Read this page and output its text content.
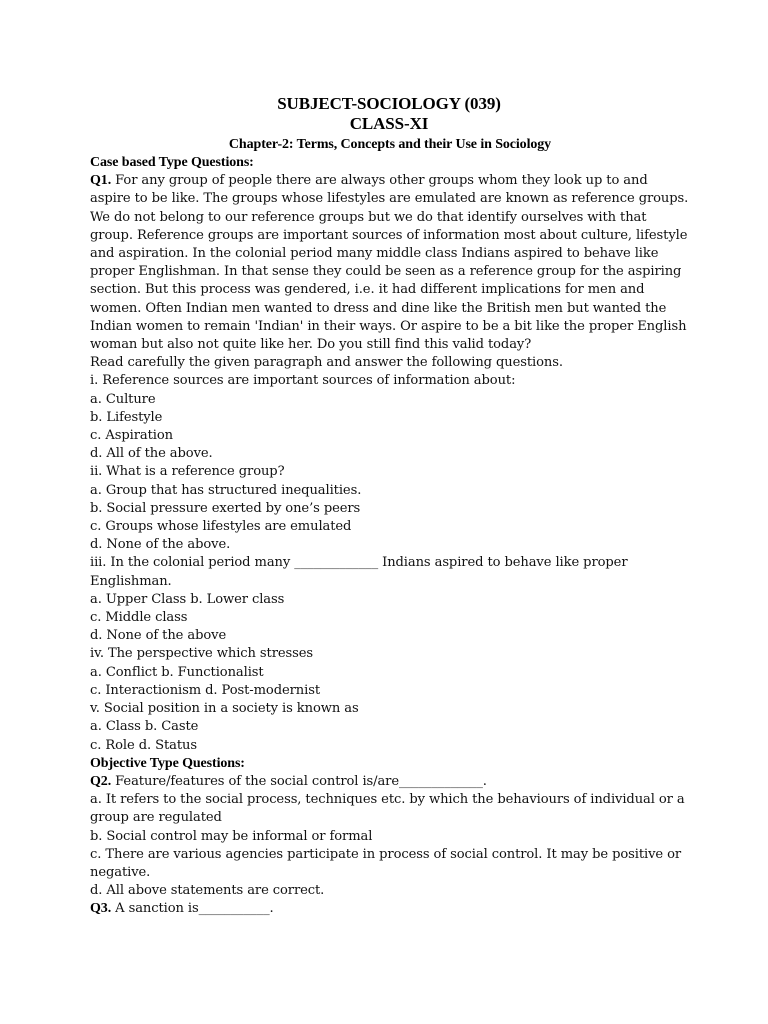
SUBJECT-SOCIOLOGY (039)
CLASS-XI
Chapter-2: Terms, Concepts and their Use in Sociology
Case based Type Questions:

Q1. For any group of people there are always other groups whom they look up to and aspire to be like. The groups whose lifestyles are emulated are known as reference groups. We do not belong to our reference groups but we do that identify ourselves with that group. Reference groups are important sources of information most about culture, lifestyle and aspiration. In the colonial period many middle class Indians aspired to behave like proper Englishman. In that sense they could be seen as a reference group for the aspiring section. But this process was gendered, i.e. it had different implications for men and women. Often Indian men wanted to dress and dine like the British men but wanted the Indian women to remain 'Indian' in their ways. Or aspire to be a bit like the proper English woman but also not quite like her. Do you still find this valid today?

Read carefully the given paragraph and answer the following questions.

i. Reference sources are important sources of information about:

a. Culture

b. Lifestyle

c. Aspiration

d. All of the above.

ii. What is a reference group?

a. Group that has structured inequalities.

b. Social pressure exerted by one’s peers

c. Groups whose lifestyles are emulated

d. None of the above.

iii. In the colonial period many _____________ Indians aspired to behave like proper Englishman.

a. Upper Class b. Lower class

c. Middle class

d. None of the above

iv. The perspective which stresses

a. Conflict b. Functionalist

c. Interactionism d. Post-modernist

v. Social position in a society is known as

a. Class b. Caste

c. Role d. Status

Objective Type Questions:

Q2. Feature/features of the social control is/are_____________.

a. It refers to the social process, techniques etc. by which the behaviours of individual or a group are regulated

b. Social control may be informal or formal

c. There are various agencies participate in process of social control. It may be positive or negative.

d. All above statements are correct.

Q3. A sanction is___________.
